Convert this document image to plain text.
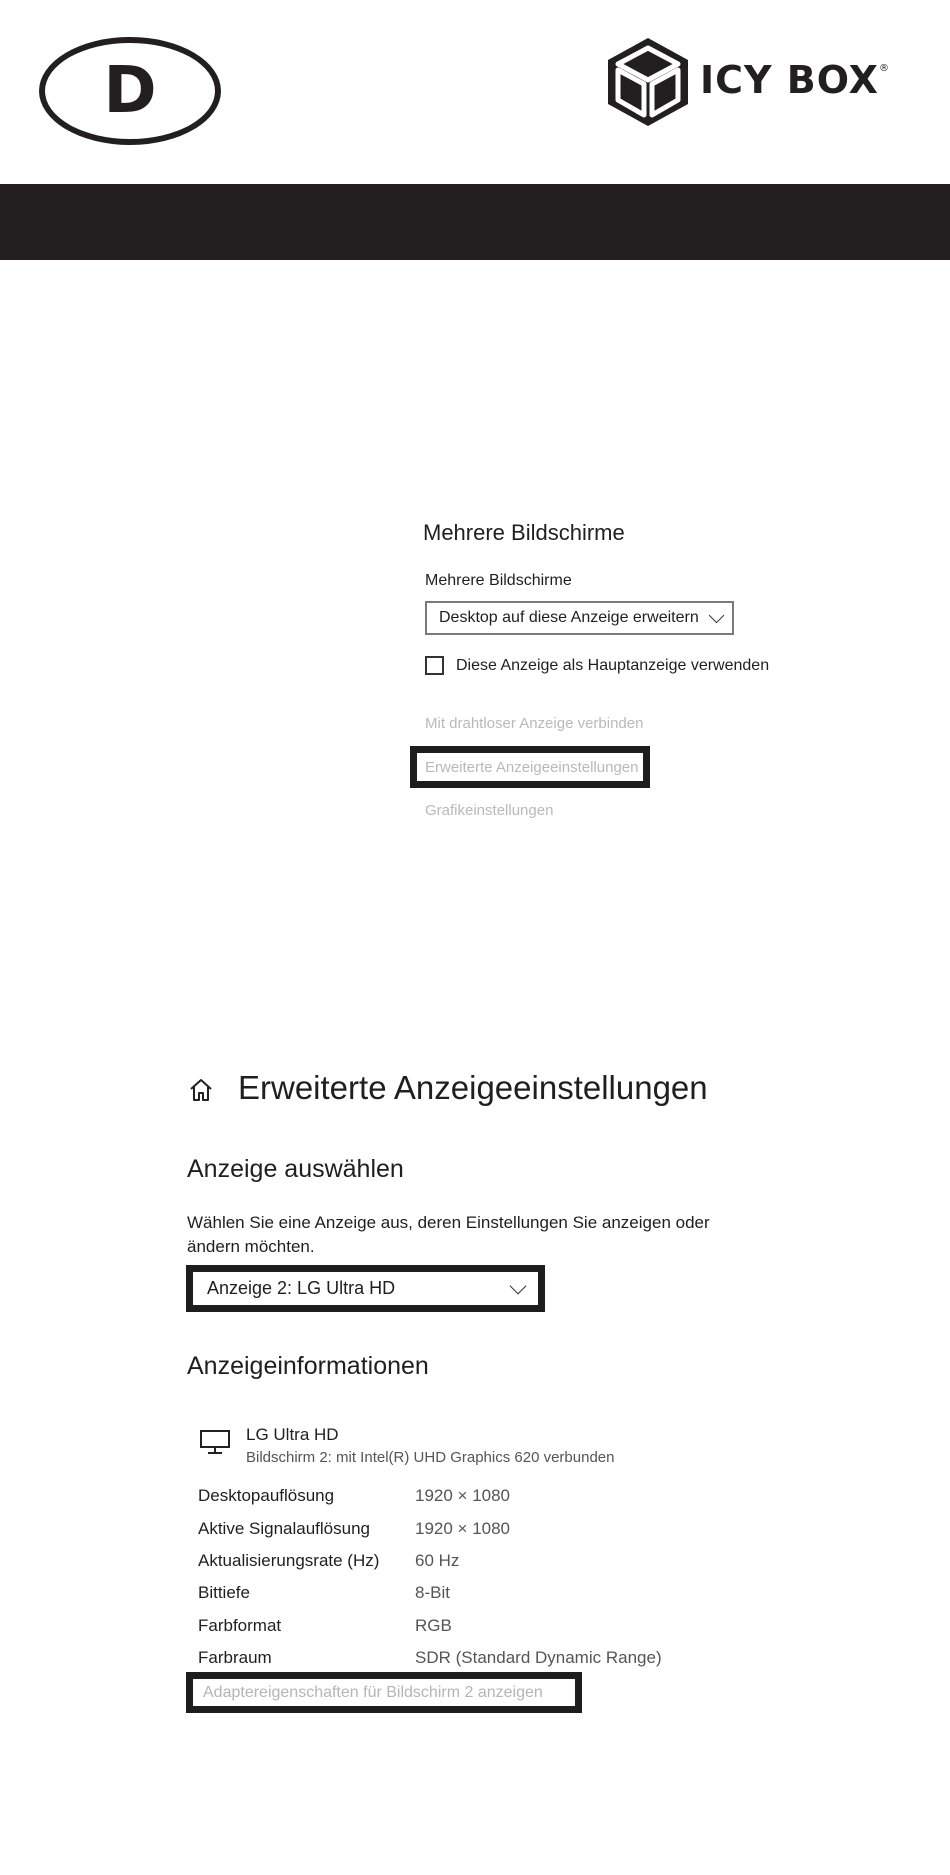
D	ICY BOX®
Mehrere Bildschirme
Mehrere Bildschirme
Desktop auf diese Anzeige erweitern
Diese Anzeige als Hauptanzeige verwenden
Mit drahtloser Anzeige verbinden
Erweiterte Anzeigeeinstellungen
Grafikeinstellungen
Erweiterte Anzeigeeinstellungen
Anzeige auswählen
Wählen Sie eine Anzeige aus, deren Einstellungen Sie anzeigen oder ändern möchten.
Anzeige 2: LG Ultra HD
Anzeigeinformationen
LG Ultra HD
Bildschirm 2: mit Intel(R) UHD Graphics 620 verbunden
Desktopauflösung	1920 × 1080
Aktive Signalauflösung	1920 × 1080
Aktualisierungsrate (Hz)	60 Hz
Bittiefe	8-Bit
Farbformat	RGB
Farbraum	SDR (Standard Dynamic Range)
Adaptereigenschaften für Bildschirm 2 anzeigen
